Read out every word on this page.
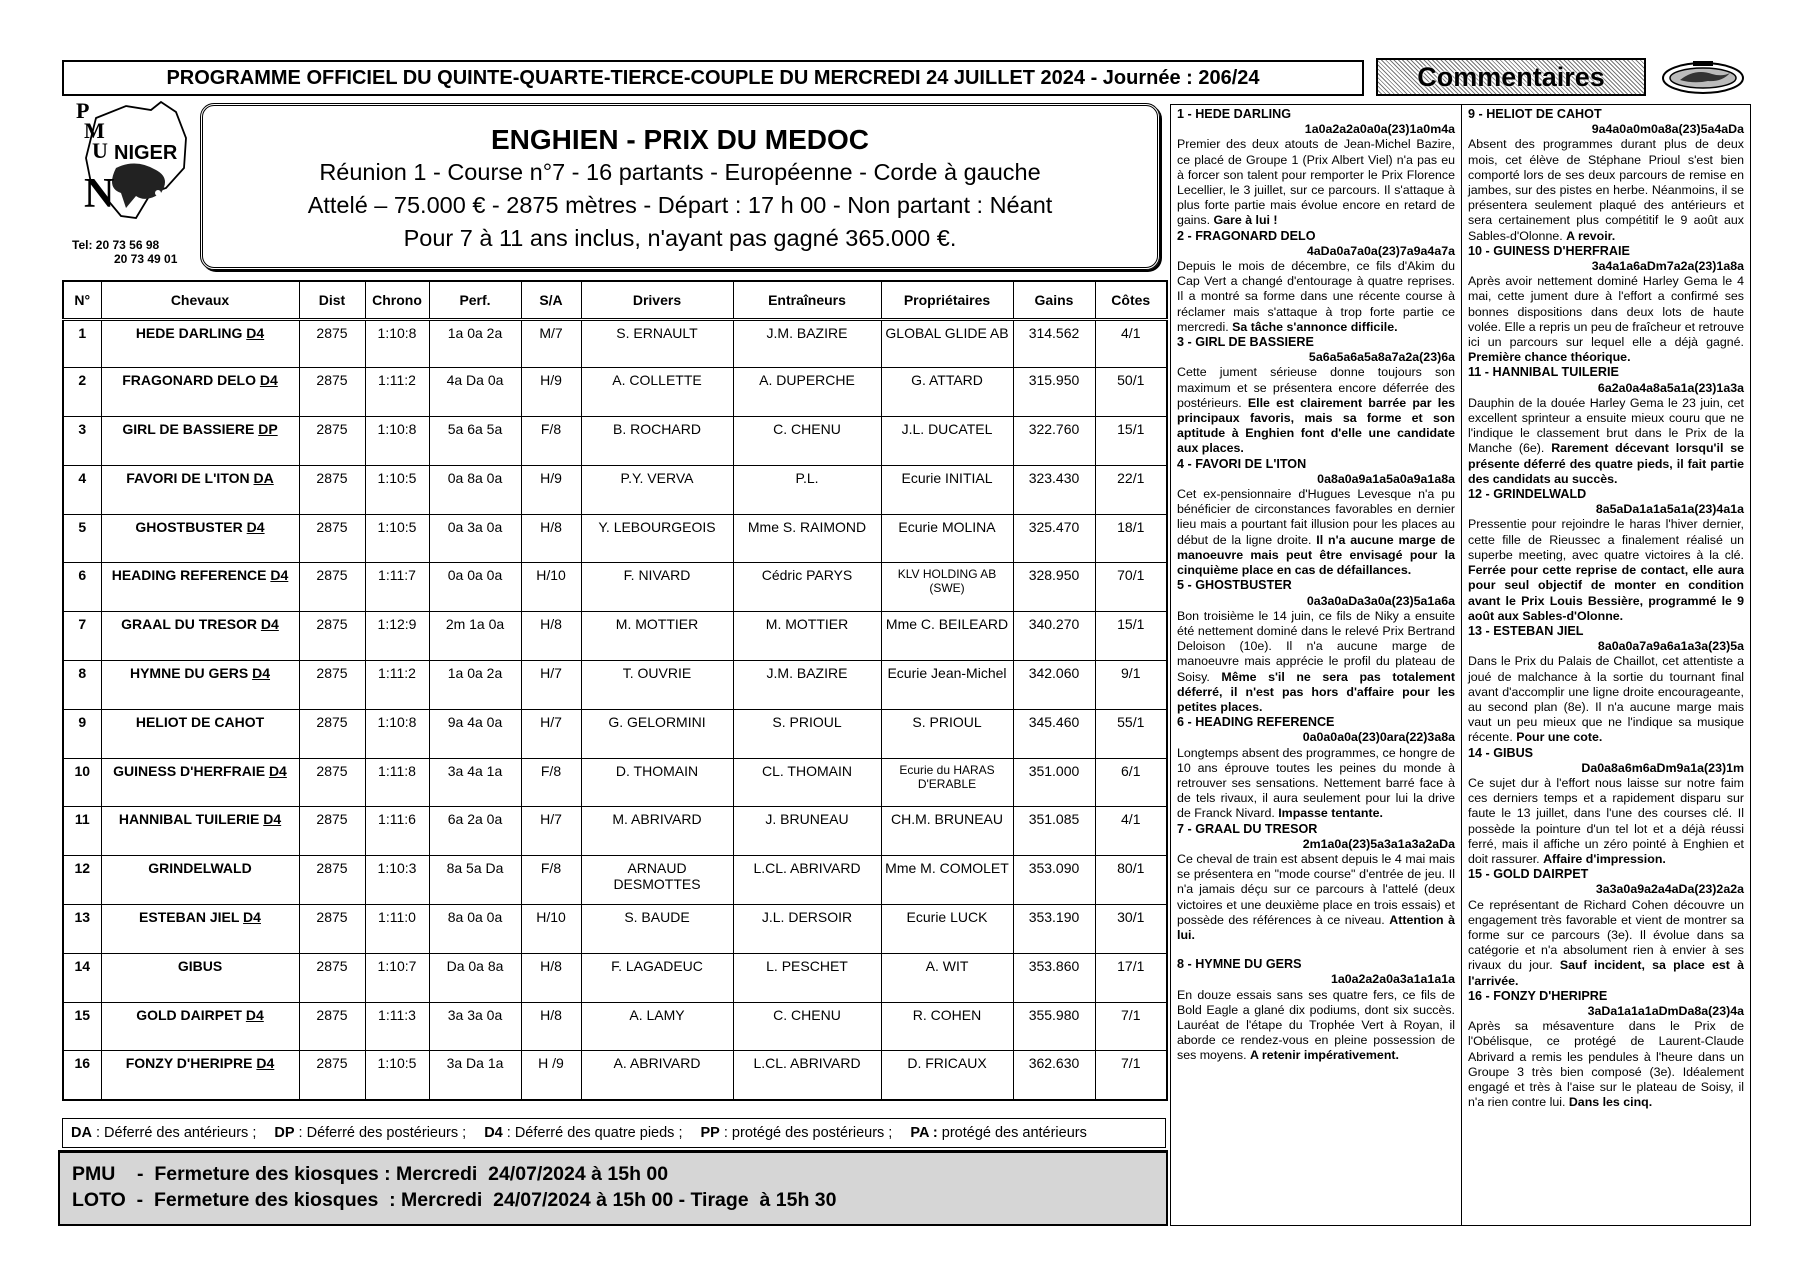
PROGRAMME OFFICIEL DU QUINTE-QUARTE-TIERCE-COUPLE DU MERCREDI 24 JUILLET 2024 - Journée : 206/24	Commentaires
P
M
U NIGER
N
Tel: 20 73 56 98
20 73 49 01
ENGHIEN - PRIX DU MEDOC
Réunion 1 - Course n°7 - 16 partants - Européenne - Corde à gauche
Attelé – 75.000 € - 2875 mètres - Départ : 17 h 00 - Non partant : Néant
Pour 7 à 11 ans inclus, n'ayant pas gagné 365.000 €.
N°	Chevaux	Dist	Chrono	Perf.	S/A	Drivers	Entraîneurs	Propriétaires	Gains	Côtes
1	HEDE DARLING D4	2875	1:10:8	1a 0a 2a	M/7	S. ERNAULT	J.M. BAZIRE	GLOBAL GLIDE AB	314.562	4/1
2	FRAGONARD DELO D4	2875	1:11:2	4a Da 0a	H/9	A. COLLETTE	A. DUPERCHE	G. ATTARD	315.950	50/1
3	GIRL DE BASSIERE DP	2875	1:10:8	5a 6a 5a	F/8	B. ROCHARD	C. CHENU	J.L. DUCATEL	322.760	15/1
4	FAVORI DE L'ITON DA	2875	1:10:5	0a 8a 0a	H/9	P.Y. VERVA	P.L.	Ecurie INITIAL	323.430	22/1
5	GHOSTBUSTER D4	2875	1:10:5	0a 3a 0a	H/8	Y. LEBOURGEOIS	Mme S. RAIMOND	Ecurie MOLINA	325.470	18/1
6	HEADING REFERENCE D4	2875	1:11:7	0a 0a 0a	H/10	F. NIVARD	Cédric PARYS	KLV HOLDING AB (SWE)	328.950	70/1
7	GRAAL DU TRESOR D4	2875	1:12:9	2m 1a 0a	H/8	M. MOTTIER	M. MOTTIER	Mme C. BEILEARD	340.270	15/1
8	HYMNE DU GERS D4	2875	1:11:2	1a 0a 2a	H/7	T. OUVRIE	J.M. BAZIRE	Ecurie Jean-Michel	342.060	9/1
9	HELIOT DE CAHOT	2875	1:10:8	9a 4a 0a	H/7	G. GELORMINI	S. PRIOUL	S. PRIOUL	345.460	55/1
10	GUINESS D'HERFRAIE D4	2875	1:11:8	3a 4a 1a	F/8	D. THOMAIN	CL. THOMAIN	Ecurie du HARAS D'ERABLE	351.000	6/1
11	HANNIBAL TUILERIE D4	2875	1:11:6	6a 2a 0a	H/7	M. ABRIVARD	J. BRUNEAU	CH.M. BRUNEAU	351.085	4/1
12	GRINDELWALD	2875	1:10:3	8a 5a Da	F/8	ARNAUD DESMOTTES	L.CL. ABRIVARD	Mme M. COMOLET	353.090	80/1
13	ESTEBAN JIEL D4	2875	1:11:0	8a 0a 0a	H/10	S. BAUDE	J.L. DERSOIR	Ecurie LUCK	353.190	30/1
14	GIBUS	2875	1:10:7	Da 0a 8a	H/8	F. LAGADEUC	L. PESCHET	A. WIT	353.860	17/1
15	GOLD DAIRPET D4	2875	1:11:3	3a 3a 0a	H/8	A. LAMY	C. CHENU	R. COHEN	355.980	7/1
16	FONZY D'HERIPRE D4	2875	1:10:5	3a Da 1a	H /9	A. ABRIVARD	L.CL. ABRIVARD	D. FRICAUX	362.630	7/1
DA : Déferré des antérieurs ; DP : Déferré des postérieurs ; D4 : Déferré des quatre pieds ; PP : protégé des postérieurs ; PA : protégé des antérieurs
PMU    -  Fermeture des kiosques : Mercredi  24/07/2024 à 15h 00
LOTO  -  Fermeture des kiosques  : Mercredi  24/07/2024 à 15h 00 - Tirage  à 15h 30
1 - HEDE DARLING
1a0a2a2a0a0a(23)1a0m4a

Premier des deux atouts de Jean-Michel Bazire, ce placé de Groupe 1 (Prix Albert Viel) n'a pas eu à forcer son talent pour remporter le Prix Florence Lecellier, le 3 juillet, sur ce parcours. Il s'attaque à plus forte partie mais évolue encore en retard de gains. Gare à lui !

2 - FRAGONARD DELO
4aDa0a7a0a(23)7a9a4a7a

Depuis le mois de décembre, ce fils d'Akim du Cap Vert a changé d'entourage à quatre reprises. Il a montré sa forme dans une récente course à réclamer mais s'attaque à trop forte partie ce mercredi. Sa tâche s'annonce difficile.

3 - GIRL DE BASSIERE
5a6a5a6a5a8a7a2a(23)6a

Cette jument sérieuse donne toujours son maximum et se présentera encore déferrée des postérieurs. Elle est clairement barrée par les principaux favoris, mais sa forme et son aptitude à Enghien font d'elle une candidate aux places.

4 - FAVORI DE L'ITON
0a8a0a9a1a5a0a9a1a8a

Cet ex-pensionnaire d'Hugues Levesque n'a pu bénéficier de circonstances favorables en dernier lieu mais a pourtant fait illusion pour les places au début de la ligne droite. Il n'a aucune marge de manoeuvre mais peut être envisagé pour la cinquième place en cas de défaillances.

5 - GHOSTBUSTER
0a3a0aDa3a0a(23)5a1a6a

Bon troisième le 14 juin, ce fils de Niky a ensuite été nettement dominé dans le relevé Prix Bertrand Deloison (10e). Il n'a aucune marge de manoeuvre mais apprécie le profil du plateau de Soisy. Même s'il ne sera pas totalement déferré, il n'est pas hors d'affaire pour les petites places.

6 - HEADING REFERENCE
0a0a0a0a(23)0ara(22)3a8a

Longtemps absent des programmes, ce hongre de 10 ans éprouve toutes les peines du monde à retrouver ses sensations. Nettement barré face à de tels rivaux, il aura seulement pour lui la drive de Franck Nivard. Impasse tentante.

7 - GRAAL DU TRESOR
2m1a0a(23)5a3a1a3a2aDa

Ce cheval de train est absent depuis le 4 mai mais se présentera en "mode course" d'entrée de jeu. Il n'a jamais déçu sur ce parcours à l'attelé (deux victoires et une deuxième place en trois essais) et possède des références à ce niveau. Attention à lui.

8 - HYMNE DU GERS
1a0a2a2a0a3a1a1a1a

En douze essais sans ses quatre fers, ce fils de Bold Eagle a glané dix podiums, dont six succès. Lauréat de l'étape du Trophée Vert à Royan, il aborde ce rendez-vous en pleine possession de ses moyens. A retenir impérativement.

9 - HELIOT DE CAHOT
9a4a0a0m0a8a(23)5a4aDa

Absent des programmes durant plus de deux mois, cet élève de Stéphane Prioul s'est bien comporté lors de ses deux parcours de remise en jambes, sur des pistes en herbe. Néanmoins, il se présentera seulement plaqué des antérieurs et sera certainement plus compétitif le 9 août aux Sables-d'Olonne. A revoir.

10 - GUINESS D'HERFRAIE
3a4a1a6aDm7a2a(23)1a8a

Après avoir nettement dominé Harley Gema le 4 mai, cette jument dure à l'effort a confirmé ses bonnes dispositions dans deux lots de haute volée. Elle a repris un peu de fraîcheur et retrouve ici un parcours sur lequel elle a déjà gagné. Première chance théorique.

11 - HANNIBAL TUILERIE
6a2a0a4a8a5a1a(23)1a3a

Dauphin de la douée Harley Gema le 23 juin, cet excellent sprinteur a ensuite mieux couru que ne l'indique le classement brut dans le Prix de la Manche (6e). Rarement décevant lorsqu'il se présente déferré des quatre pieds, il fait partie des candidats au succès.

12 - GRINDELWALD
8a5aDa1a1a5a1a(23)4a1a

Pressentie pour rejoindre le haras l'hiver dernier, cette fille de Rieussec a finalement réalisé un superbe meeting, avec quatre victoires à la clé. Ferrée pour cette reprise de contact, elle aura pour seul objectif de monter en condition avant le Prix Louis Bessière, programmé le 9 août aux Sables-d'Olonne.

13 - ESTEBAN JIEL
8a0a0a7a9a6a1a3a(23)5a

Dans le Prix du Palais de Chaillot, cet attentiste a joué de malchance à la sortie du tournant final avant d'accomplir une ligne droite encourageante, au second plan (8e). Il n'a aucune marge mais vaut un peu mieux que ne l'indique sa musique récente. Pour une cote.

14 - GIBUS
Da0a8a6m6aDm9a1a(23)1m

Ce sujet dur à l'effort nous laisse sur notre faim ces derniers temps et a rapidement disparu sur faute le 13 juillet, dans l'une des courses clé. Il possède la pointure d'un tel lot et a déjà réussi ferré, mais il affiche un zéro pointé à Enghien et doit rassurer. Affaire d'impression.

15 - GOLD DAIRPET
3a3a0a9a2a4aDa(23)2a2a

Ce représentant de Richard Cohen découvre un engagement très favorable et vient de montrer sa forme sur ce parcours (3e). Il évolue dans sa catégorie et n'a absolument rien à envier à ses rivaux du jour. Sauf incident, sa place est à l'arrivée.

16 - FONZY D'HERIPRE
3aDa1a1a1aDmDa8a(23)4a

Après sa mésaventure dans le Prix de l'Obélisque, ce protégé de Laurent-Claude Abrivard a remis les pendules à l'heure dans un Groupe 3 très bien composé (3e). Idéalement engagé et très à l'aise sur le plateau de Soisy, il n'a rien contre lui. Dans les cinq.
